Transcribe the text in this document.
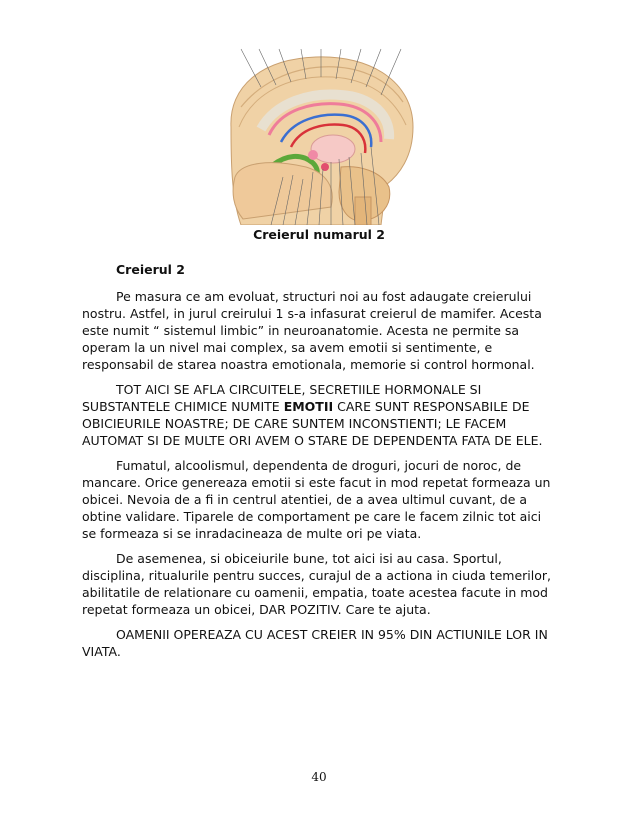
Creierul numarul 2

Creierul 2

Pe masura ce am evoluat, structuri noi au fost adaugate creierului nostru. Astfel, in jurul creirului 1 s-a infasurat creierul de mamifer. Acesta este numit “ sistemul limbic” in neuroanatomie. Acesta ne permite sa operam la un nivel mai complex, sa avem emotii si sentimente, e responsabil de starea noastra emotionala, memorie si control hormonal.

TOT AICI SE AFLA CIRCUITELE, SECRETIILE HORMONALE SI SUBSTANTELE CHIMICE NUMITE EMOTII CARE SUNT RESPONSABILE DE OBICIEURILE NOASTRE; DE CARE SUNTEM INCONSTIENTI; LE FACEM AUTOMAT SI DE MULTE ORI AVEM O STARE DE DEPENDENTA FATA DE ELE.

Fumatul, alcoolismul, dependenta de droguri, jocuri de noroc, de mancare. Orice genereaza emotii si este facut in mod repetat formeaza un obicei. Nevoia de a fi in centrul atentiei, de a avea ultimul cuvant, de a obtine validare. Tiparele de comportament pe care le facem zilnic tot aici se formeaza si se inradacineaza de multe ori pe viata.

De asemenea, si obiceiurile bune, tot aici isi au casa. Sportul, disciplina, ritualurile pentru succes, curajul de a actiona in ciuda temerilor, abilitatile de relationare cu oamenii, empatia, toate acestea facute in mod repetat formeaza un obicei, DAR POZITIV. Care te ajuta.

OAMENII OPEREAZA CU ACEST CREIER IN 95% DIN ACTIUNILE LOR IN VIATA.

40
